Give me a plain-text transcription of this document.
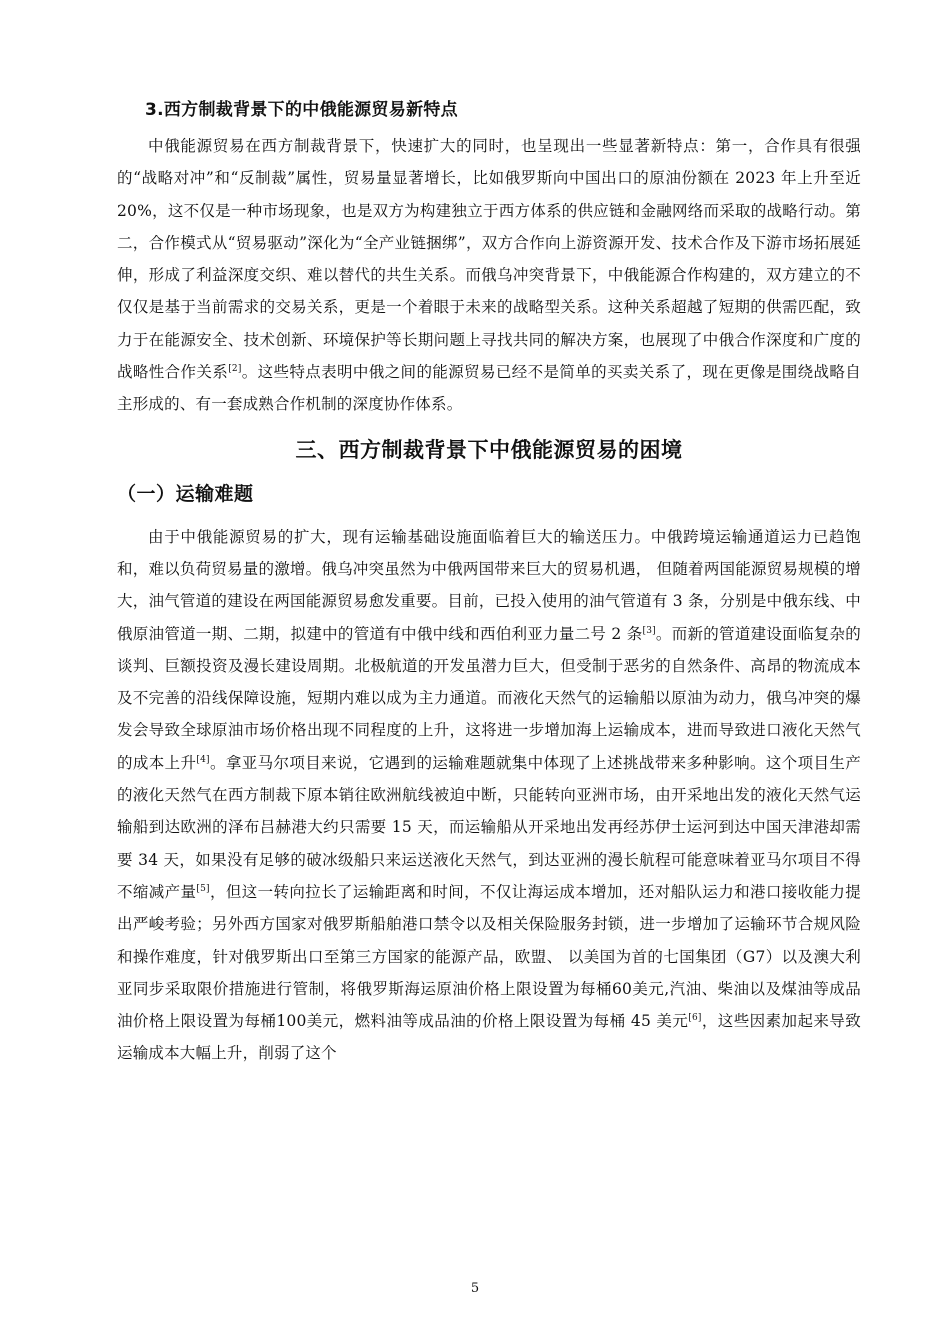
3.西方制裁背景下的中俄能源贸易新特点

中俄能源贸易在西方制裁背景下，快速扩大的同时，也呈现出一些显著新特点：第一，合作具有很强的“战略对冲”和“反制裁”属性，贸易量显著增长，比如俄罗斯向中国出口的原油份额在 2023 年上升至近 20%，这不仅是一种市场现象，也是双方为构建独立于西方体系的供应链和金融网络而采取的战略行动。第二，合作模式从“贸易驱动”深化为“全产业链捆绑”，双方合作向上游资源开发、技术合作及下游市场拓展延伸，形成了利益深度交织、难以替代的共生关系。而俄乌冲突背景下，中俄能源合作构建的，双方建立的不仅仅是基于当前需求的交易关系，更是一个着眼于未来的战略型关系。这种关系超越了短期的供需匹配，致力于在能源安全、技术创新、环境保护等长期问题上寻找共同的解决方案，也展现了中俄合作深度和广度的战略性合作关系[2]。这些特点表明中俄之间的能源贸易已经不是简单的买卖关系了，现在更像是围绕战略自主形成的、有一套成熟合作机制的深度协作体系。

三、西方制裁背景下中俄能源贸易的困境
（一）运输难题

由于中俄能源贸易的扩大，现有运输基础设施面临着巨大的输送压力。中俄跨境运输通道运力已趋饱和，难以负荷贸易量的激增。俄乌冲突虽然为中俄两国带来巨大的贸易机遇， 但随着两国能源贸易规模的增大，油气管道的建设在两国能源贸易愈发重要。目前，已投入使用的油气管道有 3 条，分别是中俄东线、中俄原油管道一期、二期，拟建中的管道有中俄中线和西伯利亚力量二号 2 条[3]。而新的管道建设面临复杂的谈判、巨额投资及漫长建设周期。北极航道的开发虽潜力巨大，但受制于恶劣的自然条件、高昂的物流成本及不完善的沿线保障设施，短期内难以成为主力通道。而液化天然气的运输船以原油为动力，俄乌冲突的爆发会导致全球原油市场价格出现不同程度的上升，这将进一步增加海上运输成本，进而导致进口液化天然气的成本上升[4]。拿亚马尔项目来说，它遇到的运输难题就集中体现了上述挑战带来多种影响。这个项目生产的液化天然气在西方制裁下原本销往欧洲航线被迫中断，只能转向亚洲市场，由开采地出发的液化天然气运输船到达欧洲的泽布吕赫港大约只需要 15 天，而运输船从开采地出发再经苏伊士运河到达中国天津港却需要 34 天，如果没有足够的破冰级船只来运送液化天然气，到达亚洲的漫长航程可能意味着亚马尔项目不得不缩减产量[5]，但这一转向拉长了运输距离和时间，不仅让海运成本增加，还对船队运力和港口接收能力提出严峻考验；另外西方国家对俄罗斯船舶港口禁令以及相关保险服务封锁，进一步增加了运输环节合规风险和操作难度，针对俄罗斯出口至第三方国家的能源产品，欧盟、 以美国为首的七国集团（G7）以及澳大利亚同步采取限价措施进行管制，将俄罗斯海运原油价格上限设置为每桶60美元,汽油、柴油以及煤油等成品油价格上限设置为每桶100美元，燃料油等成品油的价格上限设置为每桶 45 美元[6]，这些因素加起来导致运输成本大幅上升，削弱了这个

5
